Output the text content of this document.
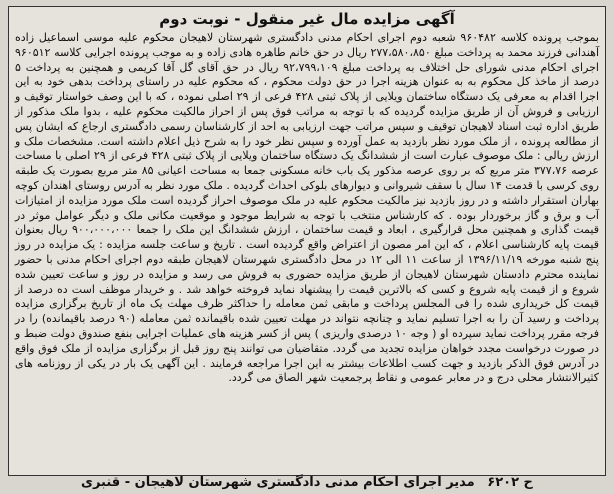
آگهی مزایده مال غیر منقول - نوبت دوم

بموجب پرونده کلاسه ۹۶۰۴۸۲ شعبه دوم اجرای احکام مدنی دادگستری شهرستان لاهیجان محکوم علیه موسی اسماعیل زاده آهندانی فرزند محمد به پرداخت مبلغ ۲۷۷،۵۸۰،۸۵۰ ریال در حق خانم طاهره هادی زاده و به موجب پرونده اجرایی کلاسه ۹۶۰۵۱۲ اجرای احکام مدنی شورای حل اختلاف به پرداخت مبلغ ۹۲،۷۹۹،۱۰۹ ریال در حق آقای گل آقا کریمی و همچنین به پرداخت ۵ درصد از ماخذ کل محکوم به به عنوان هزینه اجرا در حق دولت محکوم ، که محکوم علیه در راستای پرداخت بدهی خود به این اجرا اقدام به معرفی یک دستگاه ساختمان ویلایی از پلاک ثبتی ۴۲۸ فرعی از ۲۹ اصلی نموده ، که با این وصف خواستار توقیف و ارزیابی و فروش آن از طریق مزایده گردیده که با توجه به مراتب فوق پس از احراز مالکیت محکوم علیه ، بدوا ملک مذکور از طریق اداره ثبت اسناد لاهیجان توقیف و سپس مراتب جهت ارزیابی به احد از کارشناسان رسمی دادگستری ارجاع که ایشان پس از مطالعه پرونده ، از ملک مورد نظر بازدید به عمل آورده و سپس نظر خود را به شرح ذیل اعلام داشته است. مشخصات ملک و ارزش ریالی : ملک موصوف عبارت است از ششدانگ یک دستگاه ساختمان ویلایی از پلاک ثبتی ۴۲۸ فرعی از ۲۹ اصلی با مساحت عرصه ۳۷۷،۷۶ متر مربع که بر روی عرصه مذکور یک باب خانه مسکونی جمعا به مساحت اعیانی ۸۵ متر مربع بصورت یک طبقه روی کرسی با قدمت ۱۴ سال با سقف شیروانی و دیوارهای بلوکی احداث گردیده . ملک مورد نظر به آدرس روستای اهندان کوچه بهاران استقرار داشته و در روز بازدید نیز مالکیت محکوم علیه در ملک موصوف احراز گردیده است ملک مورد مزایده از امتیازات آب و برق و گاز برخوردار بوده . که کارشناس منتخب با توجه به شرایط موجود و موقعیت مکانی ملک و دیگر عوامل موثر در قیمت گذاری و همچنین محل قرارگیری ، ابعاد و قیمت ساختمان ، ارزش ششدانگ این ملک را جمعا ۹۰۰،۰۰۰،۰۰۰ ریال بعنوان قیمت پایه کارشناسی اعلام ، که این امر مصون از اعتراض واقع گردیده است . تاریخ و ساعت جلسه مزایده : یک مزایده در روز پنج شنبه مورخه ۱۳۹۶/۱۱/۱۹ از ساعت ۱۱ الی ۱۲ در محل دادگستری شهرستان لاهیجان طبقه دوم اجرای احکام مدنی با حضور نماینده محترم دادستان شهرستان لاهیجان از طریق مزایده حضوری به فروش می رسد و مزایده در روز و ساعت تعیین شده شروع و از قیمت پایه شروع و کسی که بالاترین قیمت را پیشنهاد نماید فروخته خواهد شد . و خریدار موظف است ده درصد از قیمت کل خریداری شده را فی المجلس پرداخت و مابقی ثمن معامله را حداکثر ظرف مهلت یک ماه از تاریخ برگزاری مزایده پرداخت و رسید آن را به اجرا تسلیم نماید و چنانچه نتواند در مهلت تعیین شده باقیمانده ثمن معامله (۹۰ درصد باقیمانده) را در فرجه مقرر پرداخت نماید سپرده او ( وجه ۱۰ درصدی واریزی ) پس از کسر هزینه های عملیات اجرایی بنفع صندوق دولت ضبط و در صورت درخواست مجدد خواهان مزایده تجدید می گردد. متقاضیان می توانند پنج روز قبل از برگزاری مزایده از ملک فوق واقع در آدرس فوق الذکر بازدید و جهت کسب اطلاعات بیشتر به این اجرا مراجعه فرمایند . این آگهی یک بار در یکی از روزنامه های کثیرالانتشار محلی درج و در معابر عمومی و نقاط پرجمعیت شهر الصاق می گردد.

ح ۶۲۰۲ مدیر اجرای احکام مدنی دادگستری شهرستان لاهیجان - قنبری
